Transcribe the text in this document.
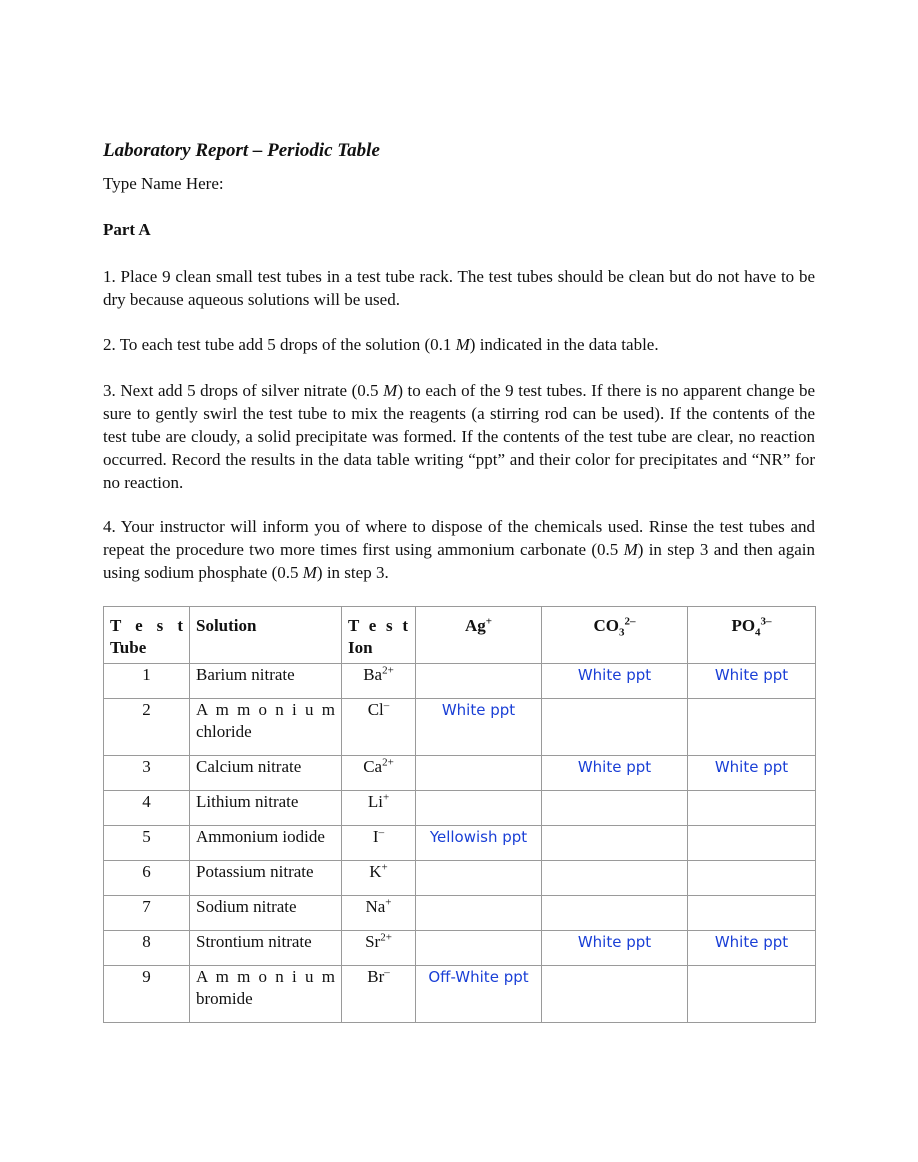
Laboratory Report – Periodic Table
Type Name Here:
Part A
1. Place 9 clean small test tubes in a test tube rack. The test tubes should be clean but do not have to be dry because aqueous solutions will be used.
2. To each test tube add 5 drops of the solution (0.1 M) indicated in the data table.
3. Next add 5 drops of silver nitrate (0.5 M) to each of the 9 test tubes. If there is no apparent change be sure to gently swirl the test tube to mix the reagents (a stirring rod can be used). If the contents of the test tube are cloudy, a solid precipitate was formed. If the contents of the test tube are clear, no reaction occurred. Record the results in the data table writing “ppt” and their color for precipitates and “NR” for no reaction.
4. Your instructor will inform you of where to dispose of the chemicals used. Rinse the test tubes and repeat the procedure two more times first using ammonium carbonate (0.5 M) in step 3 and then again using sodium phosphate (0.5 M) in step 3.
T e s t
Tube	Solution	T e s t
Ion	Ag+	$CO_3^{2-}$	$PO_4^{3-}$
1	Barium nitrate	$Ba^{2+}$		White ppt	White ppt
2	A m m o n i u m
chloride	Cl–	White ppt		
3	Calcium nitrate	$Ca^{2+}$		White ppt	White ppt
4	Lithium nitrate	Li+			
5	Ammonium iodide	I–	Yellowish ppt		
6	Potassium nitrate	K+			
7	Sodium nitrate	Na+			
8	Strontium nitrate	$Sr^{2+}$		White ppt	White ppt
9	A m m o n i u m
bromide	Br–	Off-White ppt		
